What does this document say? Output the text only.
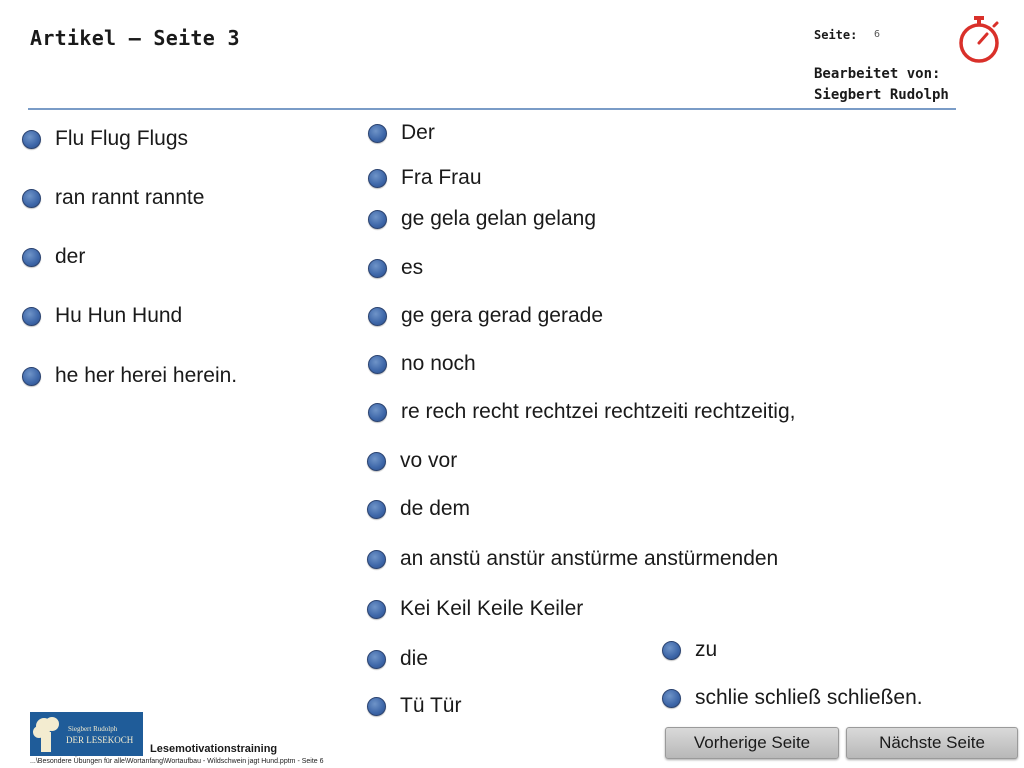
Artikel – Seite 3	Seite: 6
Bearbeitet von:
Siegbert Rudolph
Flu Flug Flugs
ran rannt rannte
der
Hu Hun Hund
he her herei herein.
Der
Fra Frau
ge gela gelan gelang
es
ge gera gerad gerade
no noch
re rech recht rechtzei rechtzeiti rechtzeitig,
vo vor
de dem
an anstü anstür anstürme anstürmenden
Kei Keil Keile Keiler
die
Tü Tür
zu
schlie schließ schließen.
Siegbert Rudolph
DER LESEKOCH
Lesemotivationstraining
...\Besondere Übungen für alle\Wortanfang\Wortaufbau - Wildschwein jagt Hund.pptm - Seite 6
Vorherige Seite	Nächste Seite
